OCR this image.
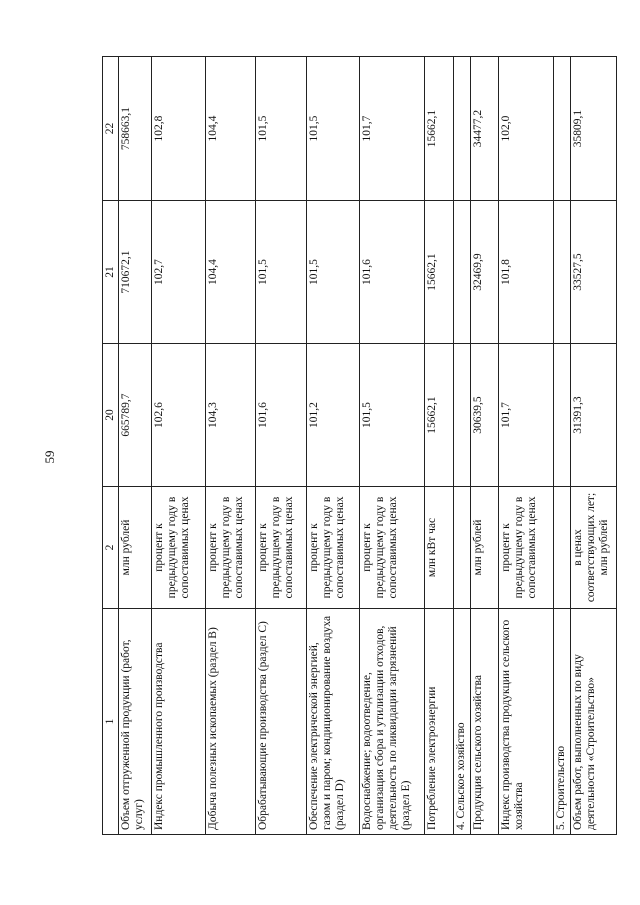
59
1	2	20	21	22
Объем отгруженной продукции (работ, услуг)	млн рублей	665789,7	710672,1	758663,1
Индекс промышленного производства	процент к предыдущему году в сопоставимых ценах	102,6	102,7	102,8
Добыча полезных ископаемых (раздел B)	процент к предыдущему году в сопоставимых ценах	104,3	104,4	104,4
Обрабатывающие производства (раздел C)	процент к предыдущему году в сопоставимых ценах	101,6	101,5	101,5
Обеспечение электрической энергией, газом и паром; кондиционирование воздуха (раздел D)	процент к предыдущему году в сопоставимых ценах	101,2	101,5	101,5
Водоснабжение; водоотведение, организация сбора и утилизации отходов, деятельность по ликвидации загрязнений (раздел E)	процент к предыдущему году в сопоставимых ценах	101,5	101,6	101,7
Потребление электроэнергии	млн кВт час	15662,1	15662,1	15662,1
4. Сельское хозяйство				
Продукция сельского хозяйства	млн рублей	30639,5	32469,9	34477,2
Индекс производства продукции сельского хозяйства	процент к предыдущему году в сопоставимых ценах	101,7	101,8	102,0
5. Строительство				
Объем работ, выполненных по виду деятельности «Строительство»	в ценах соответствующих лет; млн рублей	31391,3	33527,5	35809,1
